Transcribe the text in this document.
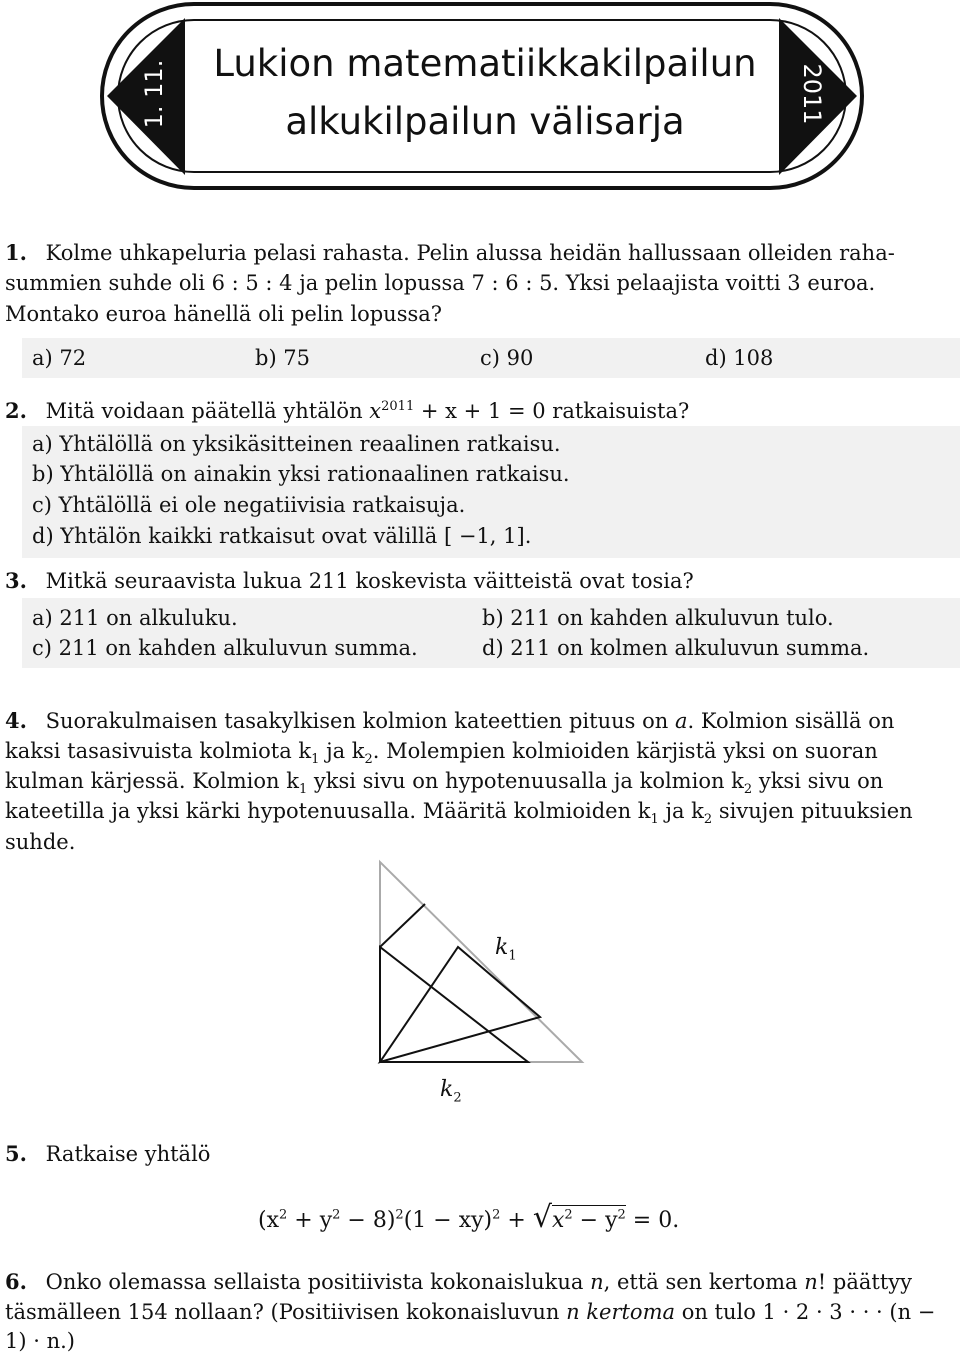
1. 11.	2011
Lukion matematiikkakilpailun
alkukilpailun välisarja
1. Kolme uhkapeluria pelasi rahasta. Pelin alussa heidän hallussaan olleiden raha-
summien suhde oli 6 : 5 : 4 ja pelin lopussa 7 : 6 : 5. Yksi pelaajista voitti 3 euroa.
Montako euroa hänellä oli pelin lopussa?
a) 72	b) 75	c) 90	d) 108
2. Mitä voidaan päätellä yhtälön $x^{2011} + x + 1 = 0$ ratkaisuista?
a) Yhtälöllä on yksikäsitteinen reaalinen ratkaisu.
b) Yhtälöllä on ainakin yksi rationaalinen ratkaisu.
c) Yhtälöllä ei ole negatiivisia ratkaisuja.
d) Yhtälön kaikki ratkaisut ovat välillä [ −1, 1].
3. Mitkä seuraavista lukua 211 koskevista väitteistä ovat tosia?
a) 211 on alkuluku.	b) 211 on kahden alkuluvun tulo.
c) 211 on kahden alkuluvun summa.	d) 211 on kolmen alkuluvun summa.
4. Suorakulmaisen tasakylkisen kolmion kateettien pituus on a. Kolmion sisällä on
kaksi tasasivuista kolmiota $k_1$ ja $k_2$. Molempien kolmioiden kärjistä yksi on suoran
kulman kärjessä. Kolmion $k_1$ yksi sivu on hypotenuusalla ja kolmion $k_2$ yksi sivu on
kateetilla ja yksi kärki hypotenuusalla. Määritä kolmioiden $k_1$ ja $k_2$ sivujen pituuksien
suhde.
$k_1$
$k_2$
5. Ratkaise yhtälö
$(x^2 + y^2 - 8)^2(1 - xy)^2 + √x^2 - y^2 = 0$.
6. Onko olemassa sellaista positiivista kokonaislukua n, että sen kertoma n! päättyy
täsmälleen 154 nollaan? (Positiivisen kokonaisluvun n kertoma on tulo 1 · 2 · 3 · · · (n −
1) · n.)
